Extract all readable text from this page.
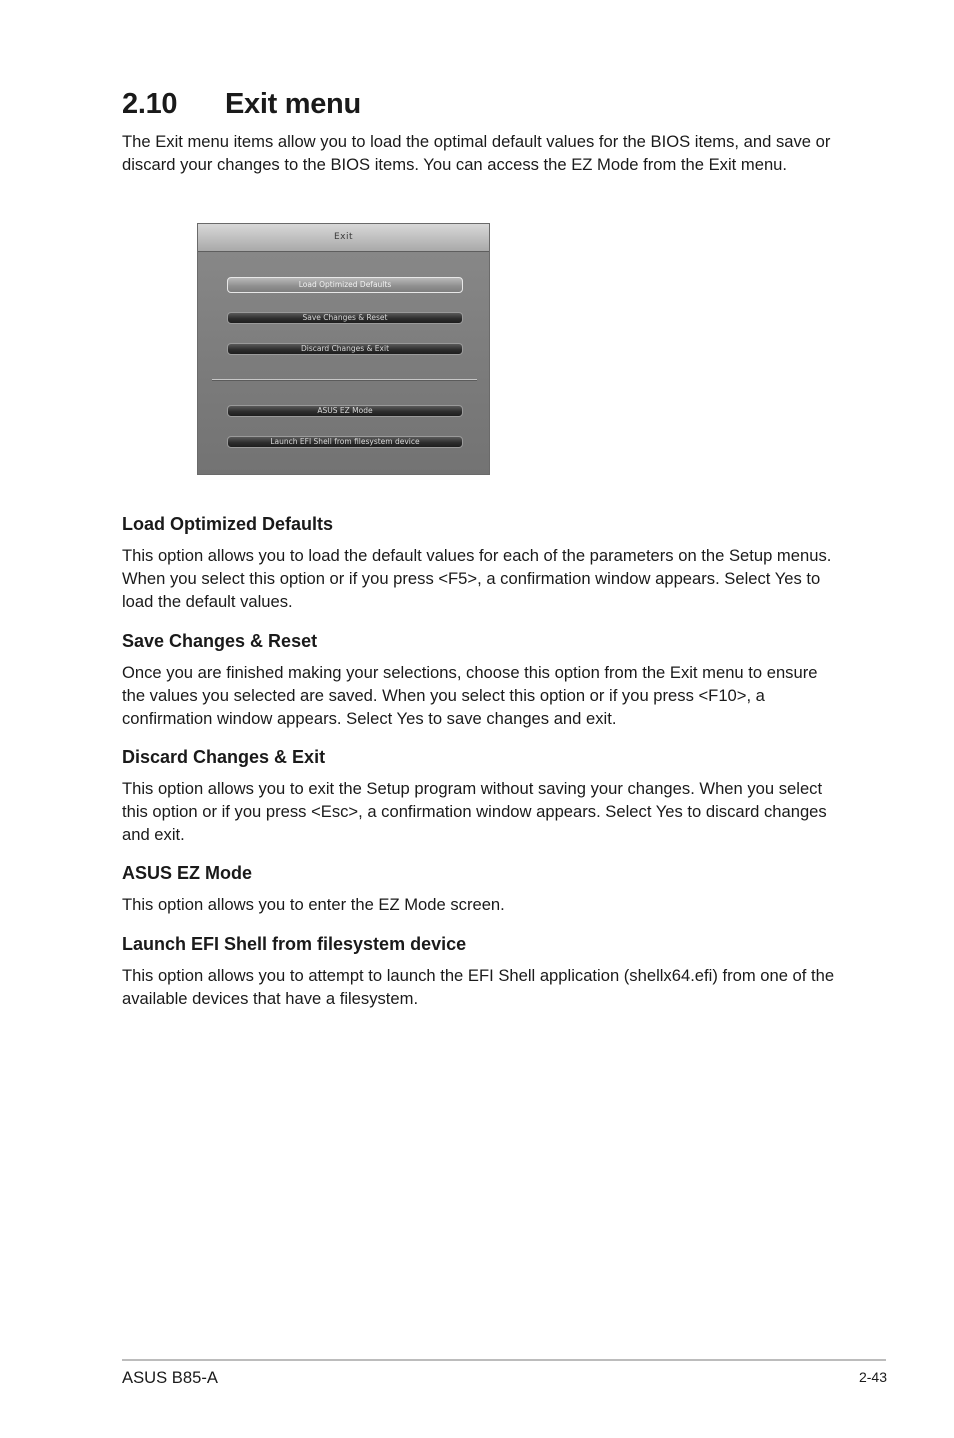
2.10 Exit menu

The Exit menu items allow you to load the optimal default values for the BIOS items, and save or discard your changes to the BIOS items. You can access the EZ Mode from the Exit menu.

Exit
Load Optimized Defaults
Save Changes & Reset
Discard Changes & Exit
ASUS EZ Mode
Launch EFI Shell from filesystem device
Load Optimized Defaults

This option allows you to load the default values for each of the parameters on the Setup menus. When you select this option or if you press <F5>, a confirmation window appears. Select Yes to load the default values.

Save Changes & Reset

Once you are finished making your selections, choose this option from the Exit menu to ensure the values you selected are saved. When you select this option or if you press <F10>, a confirmation window appears. Select Yes to save changes and exit.

Discard Changes & Exit

This option allows you to exit the Setup program without saving your changes. When you select this option or if you press <Esc>, a confirmation window appears. Select Yes to discard changes and exit.

ASUS EZ Mode

This option allows you to enter the EZ Mode screen.

Launch EFI Shell from filesystem device

This option allows you to attempt to launch the EFI Shell application (shellx64.efi) from one of the available devices that have a filesystem.

ASUS B85-A	2-43
